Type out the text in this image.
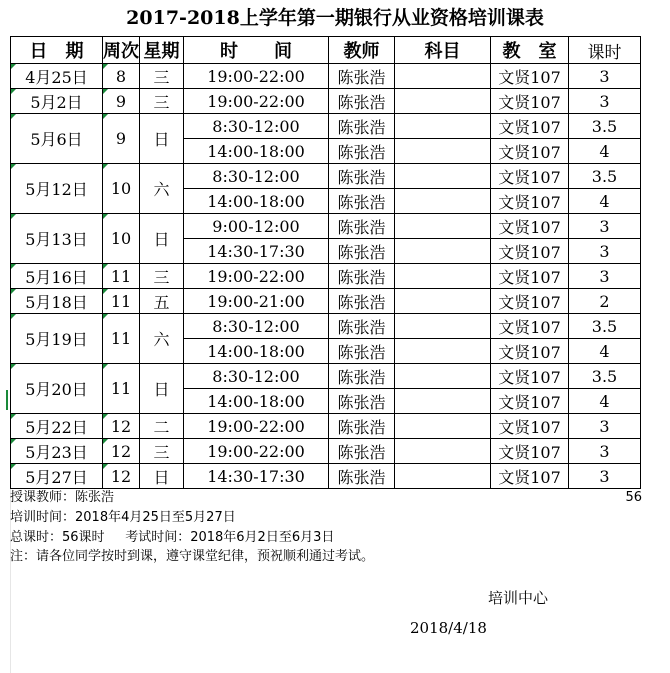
2017-2018上学年第一期银行从业资格培训课表
日　期	周次	星期	时　　间	教师	科目	教　室	课时
4月25日	8	三	19:00-22:00	陈张浩		文贤107	3
5月2日	9	三	19:00-22:00	陈张浩		文贤107	3
5月6日	9	日	8:30-12:00	陈张浩		文贤107	3.5
			14:00-18:00	陈张浩		文贤107	4
5月12日	10	六	8:30-12:00	陈张浩		文贤107	3.5
			14:00-18:00	陈张浩		文贤107	4
5月13日	10	日	9:00-12:00	陈张浩		文贤107	3
			14:30-17:30	陈张浩		文贤107	3
5月16日	11	三	19:00-22:00	陈张浩		文贤107	3
5月18日	11	五	19:00-21:00	陈张浩		文贤107	2
5月19日	11	六	8:30-12:00	陈张浩		文贤107	3.5
			14:00-18:00	陈张浩		文贤107	4
5月20日	11	日	8:30-12:00	陈张浩		文贤107	3.5
			14:00-18:00	陈张浩		文贤107	4
5月22日	12	二	19:00-22:00	陈张浩		文贤107	3
5月23日	12	三	19:00-22:00	陈张浩		文贤107	3
5月27日	12	日	14:30-17:30	陈张浩		文贤107	3
56
授课教师：陈张浩
培训时间：2018年4月25日至5月27日
总课时：56课时     考试时间：2018年6月2日至6月3日
注：请各位同学按时到课，遵守课堂纪律，预祝顺利通过考试。
培训中心
2018/4/18
